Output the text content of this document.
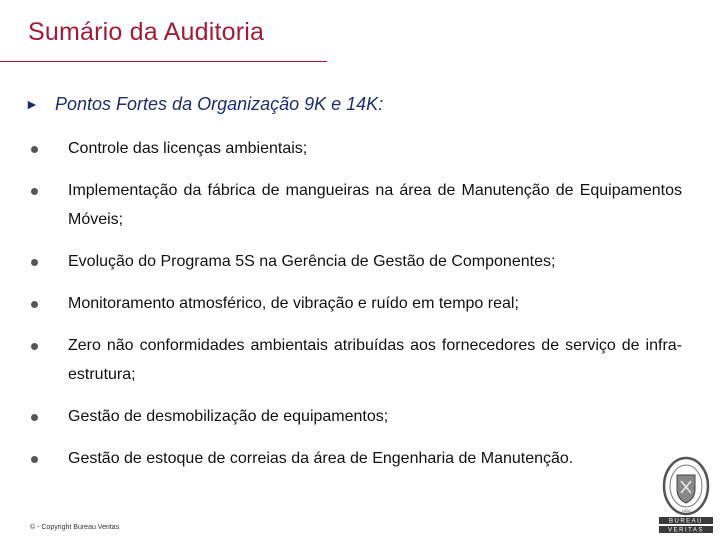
Sumário da Auditoria
► Pontos Fortes da Organização 9K e 14K:
Controle das licenças ambientais;
Implementação da fábrica de mangueiras na área de Manutenção de Equipamentos Móveis;
Evolução do Programa 5S na Gerência de Gestão de Componentes;
Monitoramento atmosférico, de vibração e ruído em tempo real;
Zero não conformidades ambientais atribuídas aos fornecedores de serviço de infra-estrutura;
Gestão de desmobilização de equipamentos;
Gestão de estoque de correias da área de Engenharia de Manutenção.
© - Copyright Bureau Veritas
BUREAU
VERITAS
1828
